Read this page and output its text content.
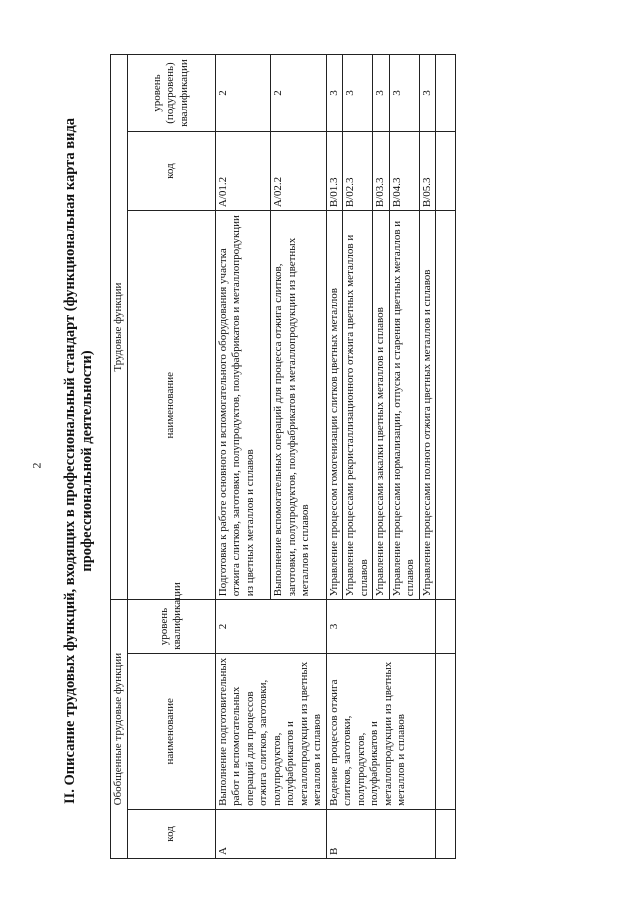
2 II. Описание трудовых функций, входящих в профессиональный стандарт (функциональная карта вида профессиональной деятельности)
Обобщенные трудовые функции			Трудовые функции		
код	наименование	уровень квалификации	наименование	код	уровень (подуровень) квалификации
A	Выполнение подготовительных работ и вспомогательных операций для процессов отжига слитков, заготовки, полупродуктов, полуфабрикатов и металлопродукции из цветных металлов и сплавов	2	Подготовка к работе основного и вспомогательного оборудования участка отжига слитков, заготовки, полупродуктов, полуфабрикатов и металлопродукции из цветных металлов и сплавов	A/01.2	2
			Выполнение вспомогательных операций для процесса отжига слитков, заготовки, полупродуктов, полуфабрикатов и металлопродукции из цветных металлов и сплавов	A/02.2	2
B	Ведение процессов отжига слитков, заготовки, полупродуктов, полуфабрикатов и металлопродукции из цветных металлов и сплавов	3	Управление процессом гомогенизации слитков цветных металлов	B/01.3	3
			Управление процессами рекристаллизационного отжига цветных металлов и сплавов	B/02.3	3
			Управление процессами закалки цветных металлов и сплавов	B/03.3	3
			Управление процессами нормализации, отпуска и старения цветных металлов и сплавов	B/04.3	3
			Управление процессами полного отжига цветных металлов и сплавов	B/05.3	3
